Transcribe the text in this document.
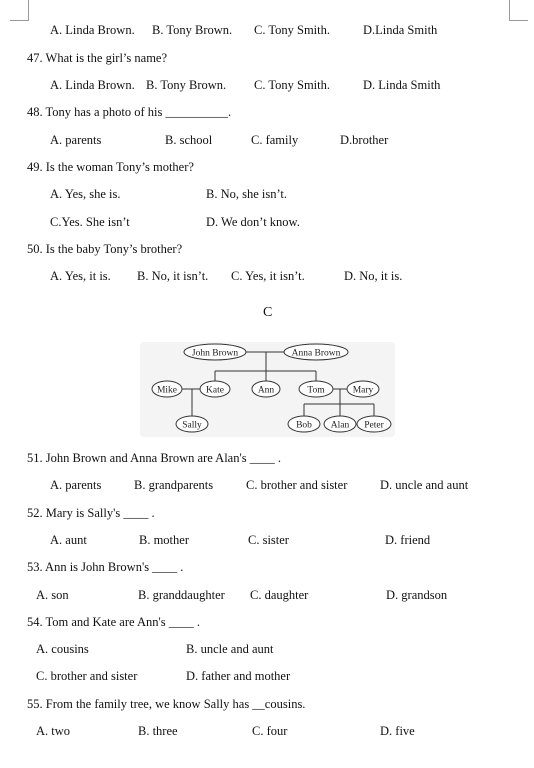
A. Linda Brown. B. Tony Brown. C. Tony Smith.	D.Linda Smith
47. What is the girl’s name?
A. Linda Brown. B. Tony Brown. C. Tony Smith.	D. Linda Smith
48. Tony has a photo of his __________.
A. parents	B. school	C. family	D.brother
49. Is the woman Tony’s mother?
A. Yes, she is.	B. No, she isn’t.
C.Yes. She isn’t	D. We don’t know.
50. Is the baby Tony’s brother?
A. Yes, it is. B. No, it isn’t. C. Yes, it isn’t.	D. No, it is.
C
John Brown	Anna Brown
Mike	Kate	Ann	Tom	Mary
Sally	Bob Alan Peter
51. John Brown and Anna Brown are Alan's ____ .
A. parents	B. grandparents	C. brother and sister	D. uncle and aunt
52. Mary is Sally's ____ .
A. aunt	B. mother	C. sister	D. friend
53. Ann is John Brown's ____ .
A. son	B. granddaughter C. daughter	D. grandson
54. Tom and Kate are Ann's ____ .
A. cousins	B. uncle and aunt
C. brother and sister	D. father and mother
55. From the family tree, we know Sally has __cousins.
A. two	B. three	C. four	D. five
